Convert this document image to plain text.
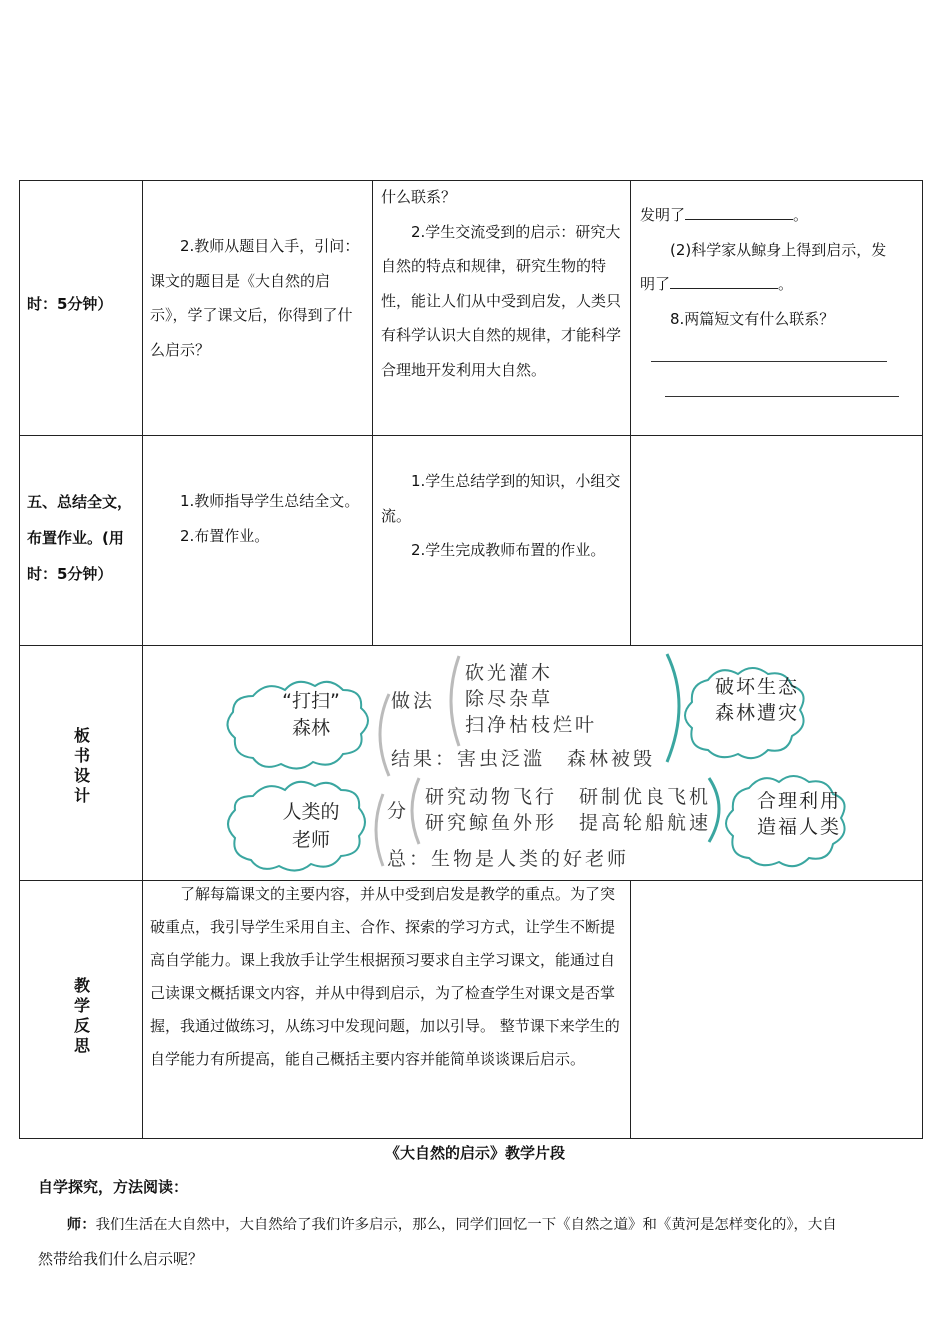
时：5分钟）

2.教师从题目入手，引问：课文的题目是《大自然的启示》，学了课文后，你得到了什么启示？

什么联系？

2.学生交流受到的启示：研究大自然的特点和规律，研究生物的特性，能让人们从中受到启发，人类只有科学认识大自然的规律，才能科学合理地开发利用大自然。

发明了	。

(2)科学家从鲸身上得到启示，发

明了	。

8.两篇短文有什么联系？

五、总结全文，

布置作业。(用

时：5分钟）

1.教师指导学生总结全文。

2.布置作业。

1.学生总结学到的知识，小组交流。

2.学生完成教师布置的作业。

板书设计
“打扫”
森林
做法
砍光灌木
除尽杂草
扫净枯枝烂叶
结果：害虫泛滥　森林被毁
破坏生态
森林遭灾
人类的
老师
分
研究动物飞行　研制优良飞机
研究鲸鱼外形　提高轮船航速
总：生物是人类的好老师
合理利用
造福人类
教学反思

了解每篇课文的主要内容，并从中受到启发是教学的重点。为了突破重点，我引导学生采用自主、合作、探索的学习方式，让学生不断提高自学能力。课上我放手让学生根据预习要求自主学习课文，能通过自己读课文概括课文内容，并从中得到启示，为了检查学生对课文是否掌握，我通过做练习，从练习中发现问题，加以引导。 整节课下来学生的自学能力有所提高，能自己概括主要内容并能简单谈谈课后启示。

《大自然的启示》教学片段
自学探究，方法阅读：
师：我们生活在大自然中，大自然给了我们许多启示，那么，同学们回忆一下《自然之道》和《黄河是怎样变化的》，大自
然带给我们什么启示呢？
